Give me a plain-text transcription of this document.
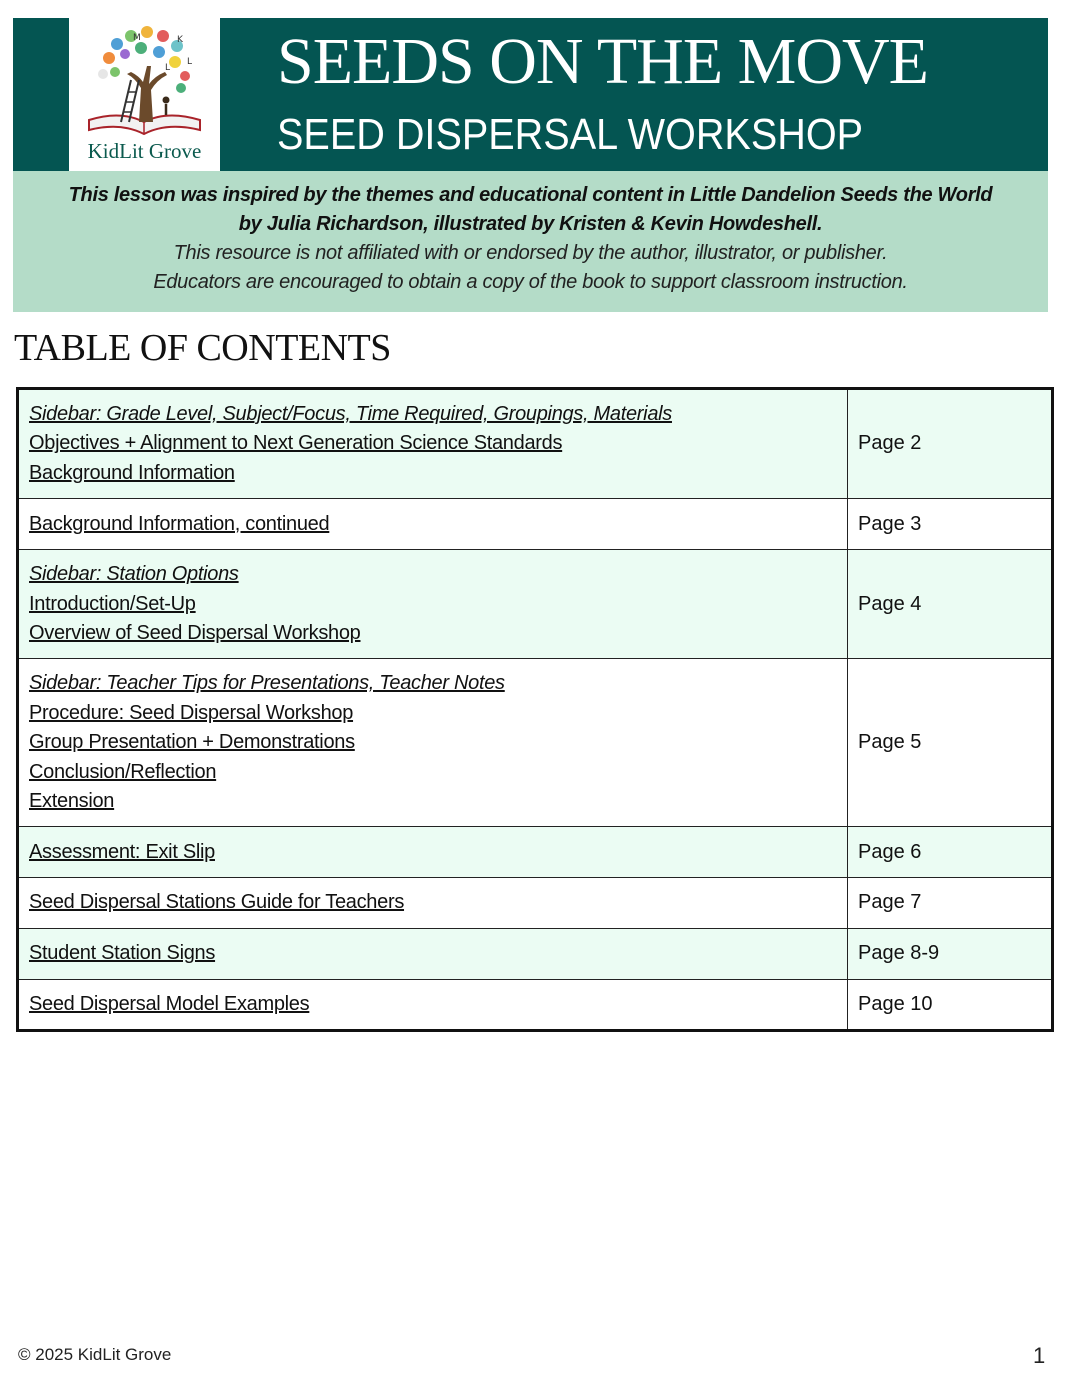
K
M
L
L
KidLit Grove
SEEDS ON THE MOVE
SEED DISPERSAL WORKSHOP
This lesson was inspired by the themes and educational content in Little Dandelion Seeds the World
by Julia Richardson, illustrated by Kristen & Kevin Howdeshell.
This resource is not affiliated with or endorsed by the author, illustrator, or publisher.
Educators are encouraged to obtain a copy of the book to support classroom instruction.
TABLE OF CONTENTS
Sidebar: Grade Level, Subject/Focus, Time Required, Groupings, Materials
Objectives + Alignment to Next Generation Science Standards
Background Information	Page 2

Background Information, continued	Page 3

Sidebar: Station Options
Introduction/Set-Up
Overview of Seed Dispersal Workshop	Page 4

Sidebar: Teacher Tips for Presentations, Teacher Notes
Procedure: Seed Dispersal Workshop
Group Presentation + Demonstrations
Conclusion/Reflection
Extension	Page 5

Assessment: Exit Slip	Page 6

Seed Dispersal Stations Guide for Teachers	Page 7

Student Station Signs	Page 8-9

Seed Dispersal Model Examples	Page 10
© 2025 KidLit Grove	1
